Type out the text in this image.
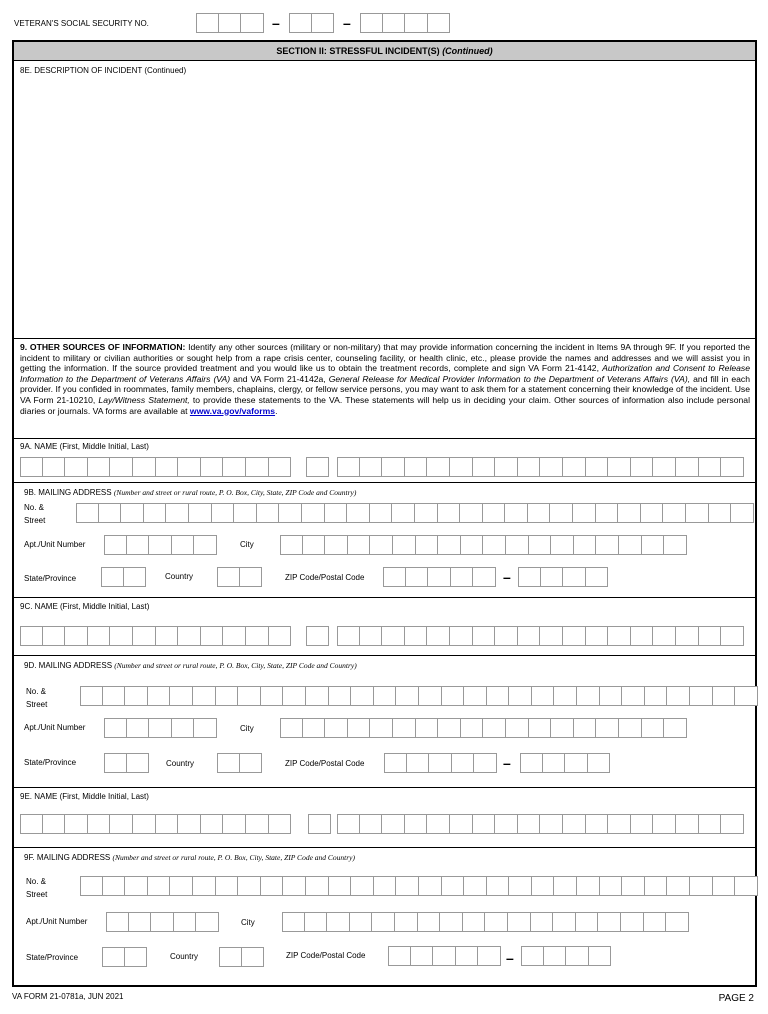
VETERAN'S SOCIAL SECURITY NO.	–	–
SECTION II: STRESSFUL INCIDENT(S) (Continued)
8E. DESCRIPTION OF INCIDENT (Continued)
9. OTHER SOURCES OF INFORMATION: Identify any other sources (military or non-military) that may provide information concerning the incident in Items 9A through 9F. If you reported the incident to military or civilian authorities or sought help from a rape crisis center, counseling facility, or health clinic, etc., please provide the names and addresses and we will assist you in getting the information. If the source provided treatment and you would like us to obtain the treatment records, complete and sign VA Form 21-4142, Authorization and Consent to Release Information to the Department of Veterans Affairs (VA) and VA Form 21-4142a, General Release for Medical Provider Information to the Department of Veterans Affairs (VA), and fill in each provider. If you confided in roommates, family members, chaplains, clergy, or fellow service persons, you may want to ask them for a statement concerning their knowledge of the incident. Use VA Form 21-10210, Lay/Witness Statement, to provide these statements to the VA. These statements will help us in deciding your claim. Other sources of information also include personal diaries or journals. VA forms are available at www.va.gov/vaforms.
9A. NAME (First, Middle Initial, Last)
9B. MAILING ADDRESS (Number and street or rural route, P. O. Box, City, State, ZIP Code and Country)
No. &
Street
Apt./Unit Number	City
State/Province	Country	ZIP Code/Postal Code	–
9C. NAME (First, Middle Initial, Last)
9D. MAILING ADDRESS (Number and street or rural route, P. O. Box, City, State, ZIP Code and Country)
No. &
Street
Apt./Unit Number	City
State/Province	Country	ZIP Code/Postal Code	–
9E. NAME (First, Middle Initial, Last)
9F. MAILING ADDRESS (Number and street or rural route, P. O. Box, City, State, ZIP Code and Country)
No. &
Street
Apt./Unit Number	City
State/Province	Country	ZIP Code/Postal Code	–
VA FORM 21-0781a, JUN 2021	PAGE 2
